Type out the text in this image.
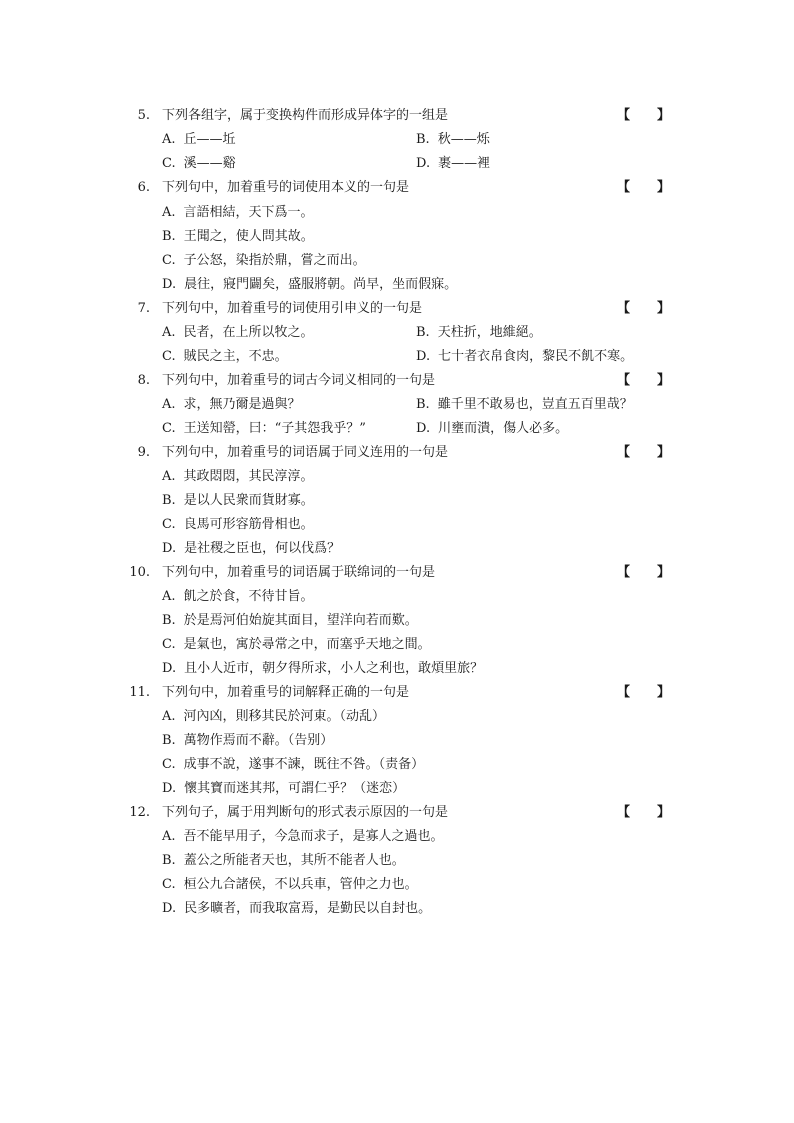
5. 下列各组字，属于变换构件而形成异体字的一组是	【 】
A. 丘——坵	B. 秋——烁
C. 溪——谿	D. 裹——裡
6. 下列句中，加着重号的词使用本义的一句是	【 】
A. 言語相結，天下爲一。
B. 王聞之，使人問其故。
C. 子公怒，染指於鼎，嘗之而出。
D. 晨往，寢門闢矣，盛服將朝。尚早，坐而假寐。
7. 下列句中，加着重号的词使用引申义的一句是	【 】
A. 民者，在上所以牧之。	B. 天柱折，地維絕。
C. 賊民之主，不忠。	D. 七十者衣帛食肉，黎民不飢不寒。
8. 下列句中，加着重号的词古今词义相同的一句是	【 】
A. 求，無乃爾是過與？	B. 雖千里不敢易也，豈直五百里哉？
C. 王送知罃，曰：“子其怨我乎？”	D. 川壅而潰，傷人必多。
9. 下列句中，加着重号的词语属于同义连用的一句是	【 】
A. 其政悶悶，其民淳淳。
B. 是以人民衆而貨財寡。
C. 良馬可形容筋骨相也。
D. 是社稷之臣也，何以伐爲？
10. 下列句中，加着重号的词语属于联绵词的一句是	【 】
A. 飢之於食，不待甘旨。
B. 於是焉河伯始旋其面目，望洋向若而歎。
C. 是氣也，寓於尋常之中，而塞乎天地之間。
D. 且小人近市，朝夕得所求，小人之利也，敢煩里旅？
11. 下列句中，加着重号的词解释正确的一句是	【 】
A. 河內凶，則移其民於河東。（动乱）
B. 萬物作焉而不辭。（告别）
C. 成事不說，遂事不諫，既往不咎。（责备）
D. 懷其寶而迷其邦，可謂仁乎？（迷恋）
12. 下列句子，属于用判断句的形式表示原因的一句是	【 】
A. 吾不能早用子，今急而求子，是寡人之過也。
B. 蓋公之所能者天也，其所不能者人也。
C. 桓公九合諸侯，不以兵車，管仲之力也。
D. 民多曠者，而我取富焉，是勤民以自封也。
